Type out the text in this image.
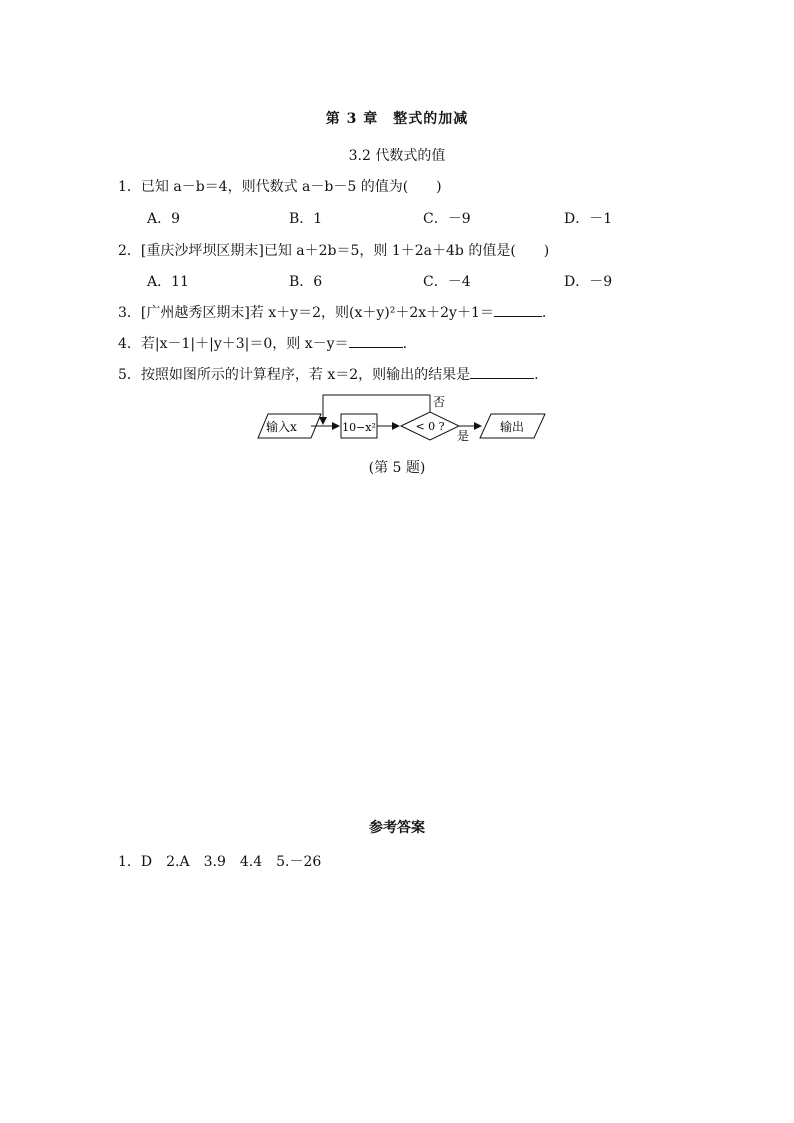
第 3 章　整式的加减
3.2 代数式的值
1．已知 a－b＝4，则代数式 a－b－5 的值为(　　)
A．9	B．1	C．－9	D．－1
2．[重庆沙坪坝区期末]已知 a＋2b＝5，则 1＋2a＋4b 的值是(　　)
A．11	B．6	C．－4	D．－9
3．[广州越秀区期末]若 x＋y＝2，则(x＋y)²＋2x＋2y＋1＝	.
4．若|x－1|＋|y＋3|＝0，则 x－y＝	.
5．按照如图所示的计算程序，若 x＝2，则输出的结果是	.
输入x	10−x²	< 0 ?
否
是
输出
(第 5 题)
参考答案
1．D　2.A　3.9　4.4　5.－26
